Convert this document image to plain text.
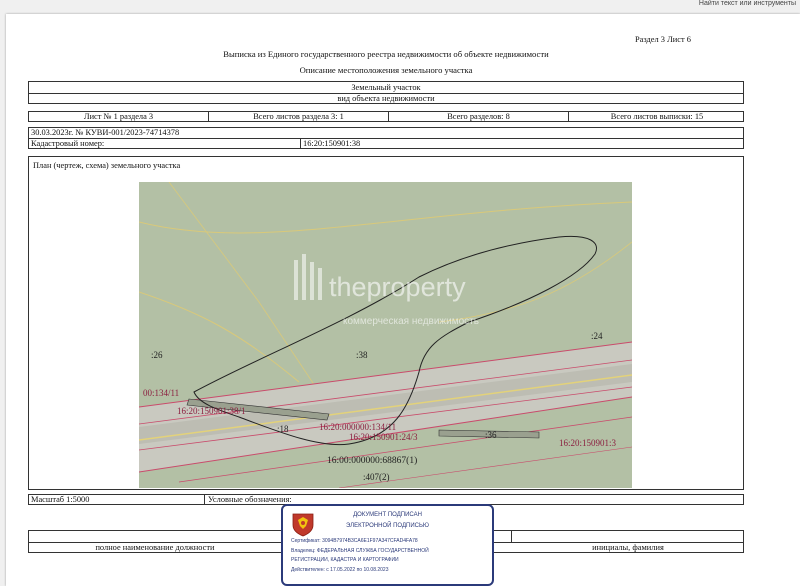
Найти текст или инструменты
Раздел 3 Лист 6
Выписка из Единого государственного реестра недвижимости об объекте недвижимости
Описание местоположения земельного участка
Земельный участок
вид объекта недвижимости
Лист № 1 раздела 3	Всего листов раздела 3: 1	Всего разделов: 8	Всего листов выписки: 15
30.03.2023г. № КУВИ-001/2023-74714378
Кадастровый номер:	16:20:150901:38
План (чертеж, схема) земельного участка
:26	:38
:24
00:134/11
16:20:150901:38/1
:18	16:20:000000:134/11
16:20:150901:24/3	:36
16:20:150901:3
16:00:000000:68867(1)
:407(2)
theproperty
коммерческая недвижимость
Масштаб 1:5000	Условные обозначения:
полное наименование должности	инициалы, фамилия
ДОКУМЕНТ ПОДПИСАН
ЭЛЕКТРОННОЙ ПОДПИСЬЮ
Сертификат: 3094B7974B3CA6E1F97A347CFAD4FA78
Владелец: ФЕДЕРАЛЬНАЯ СЛУЖБА ГОСУДАРСТВЕННОЙ
РЕГИСТРАЦИИ, КАДАСТРА И КАРТОГРАФИИ
Действителен: с 17.05.2022 по 10.08.2023
